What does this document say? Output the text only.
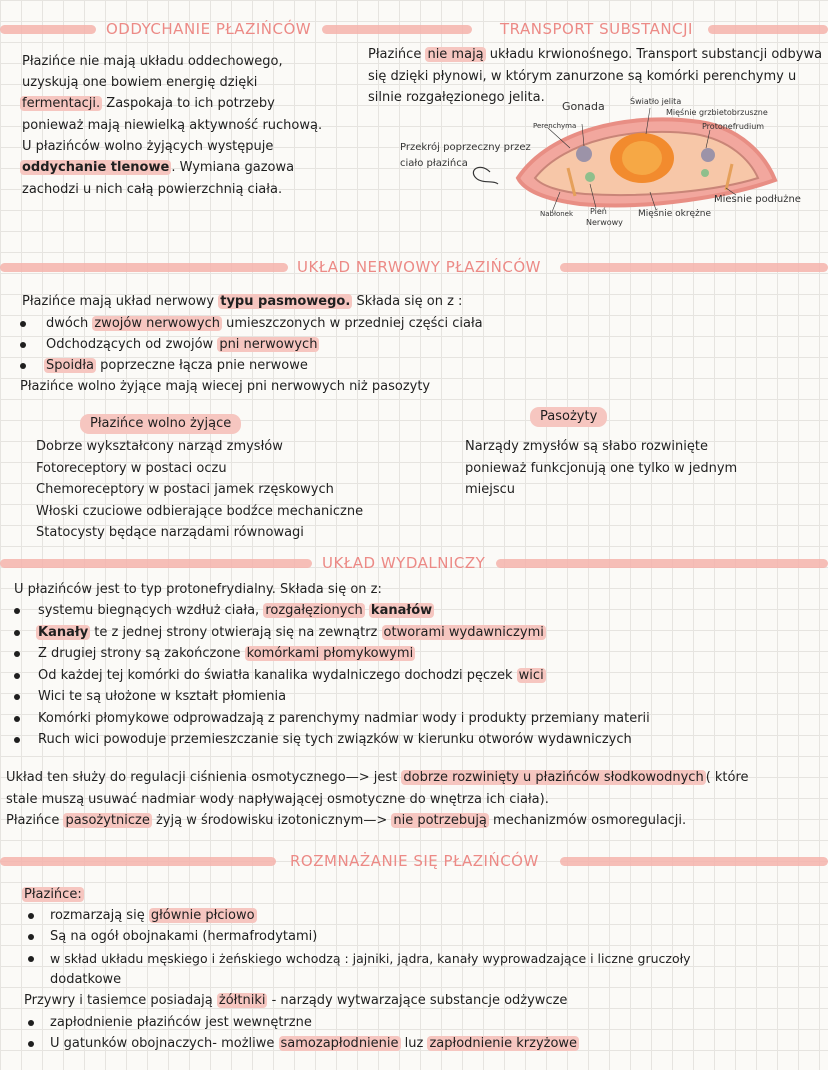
ODDYCHANIE PŁAZIŃCÓW
Płazińce nie mają układu oddechowego,
uzyskują one bowiem energię dzięki
fermentacji. Zaspokaja to ich potrzeby
ponieważ mają niewielką aktywność ruchową.
U płazińców wolno żyjących występuje
oddychanie tlenowe . Wymiana gazowa
zachodzi u nich całą powierzchnią ciała.
TRANSPORT SUBSTANCJI
Płazińce nie mają układu krwionośnego. Transport substancji odbywa
się dzięki płynowi, w którym zanurzone są komórki perenchymy u
silnie rozgałęzionego jelita.
Przekrój poprzeczny przez
ciało płazińca
Gonada	Światło jelita
Mięśnie grzbietobrzuszne
Perenchyma	Protonefrudium
Miesnie podłużne
Nabłonek Pień
Nerwowy
Mięśnie okrężne
UKŁAD NERWOWY PŁAZIŃCÓW
Płazińce mają układ nerwowy typu pasmowego. Składa się on z :
dwóch zwojów nerwowych umieszczonych w przedniej części ciała
Odchodzących od zwojów pni nerwowych
Spoidła poprzeczne łącza pnie nerwowe
Płazińce wolno żyjące mają wiecej pni nerwowych niż pasozyty
Płazińce wolno żyjące	Pasożyty
Dobrze wykształcony narząd zmysłów
Fotoreceptory w postaci oczu
Chemoreceptory w postaci jamek rzęskowych
Włoski czuciowe odbierające bodźce mechaniczne
Statocysty będące narządami równowagi
Narządy zmysłów są słabo rozwinięte
ponieważ funkcjonują one tylko w jednym
miejscu
UKŁAD WYDALNICZY
U płazińców jest to typ protonefrydialny. Składa się on z:
systemu biegnących wzdłuż ciała, rozgałęzionych kanałów
Kanały te z jednej strony otwierają się na zewnątrz otworami wydawniczymi
Z drugiej strony są zakończone komórkami płomykowymi
Od każdej tej komórki do światła kanalika wydalniczego dochodzi pęczek wici
Wici te są ułożone w kształt płomienia
Komórki płomykowe odprowadzają z parenchymy nadmiar wody i produkty przemiany materii
Ruch wici powoduje przemieszczanie się tych związków w kierunku otworów wydawniczych
Układ ten służy do regulacji ciśnienia osmotycznego—> jest dobrze rozwinięty u płazińców słodkowodnych ( które
stale muszą usuwać nadmiar wody napływającej osmotyczne do wnętrza ich ciała).
Płazińce pasożytnicze żyją w środowisku izotonicznym—> nie potrzebują mechanizmów osmoregulacji.
ROZMNAŻANIE SIĘ PŁAZIŃCÓW
Płazińce:
rozmarzają się głównie płciowo
Są na ogół obojnakami (hermafrodytami)
w skład układu męskiego i żeńskiego wchodzą : jajniki, jądra, kanały wyprowadzające i liczne gruczoły
dodatkowe
Przywry i tasiemce posiadają żółtniki - narządy wytwarzające substancje odżywcze
zapłodnienie płazińców jest wewnętrzne
U gatunków obojnaczych- możliwe samozapłodnienie luz zapłodnienie krzyżowe
